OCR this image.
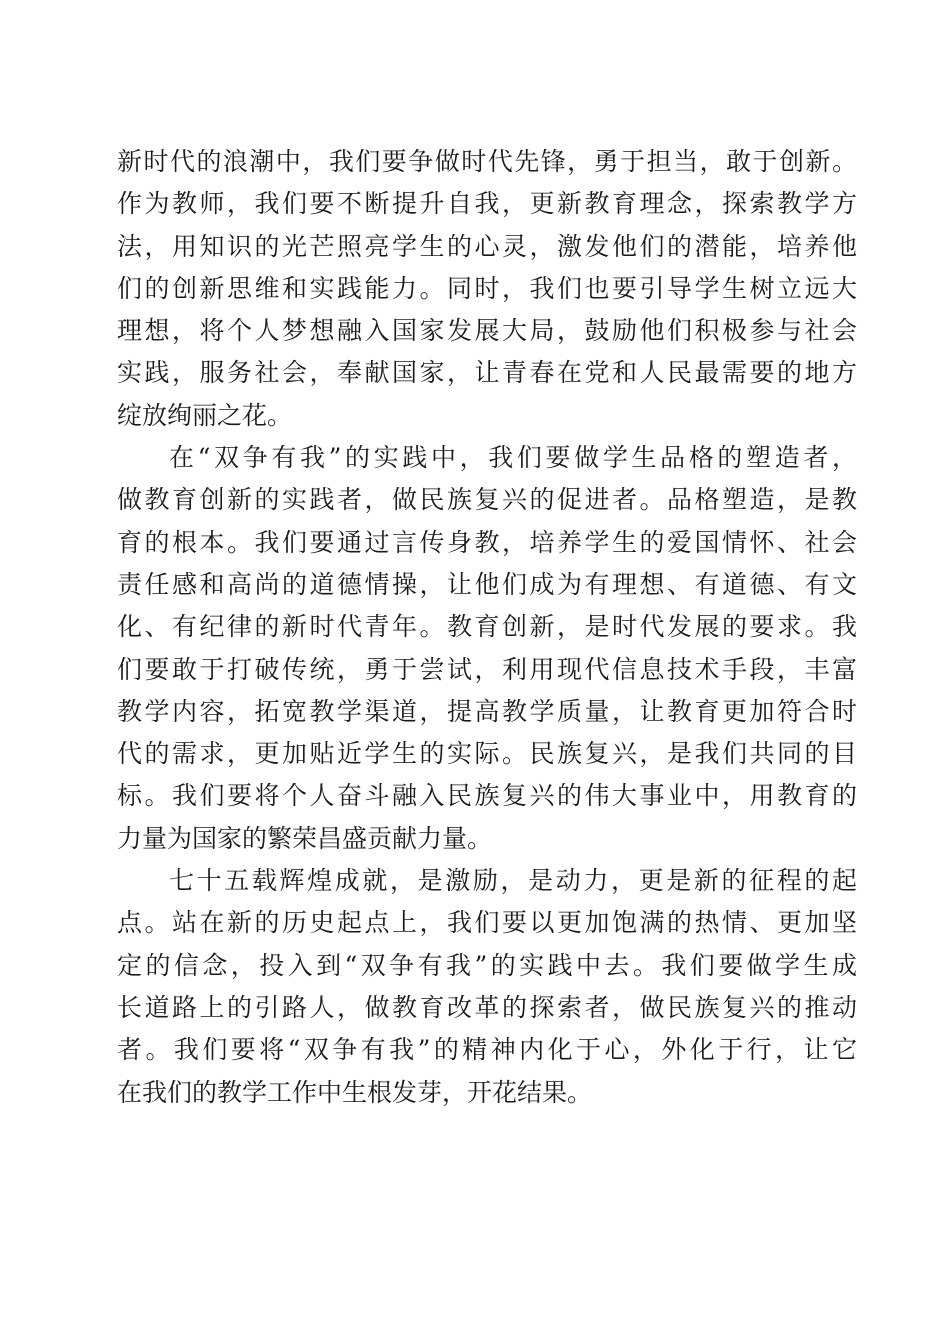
新时代的浪潮中，我们要争做时代先锋，勇于担当，敢于创新。
作为教师，我们要不断提升自我，更新教育理念，探索教学方
法，用知识的光芒照亮学生的心灵，激发他们的潜能，培养他
们的创新思维和实践能力。同时，我们也要引导学生树立远大
理想，将个人梦想融入国家发展大局，鼓励他们积极参与社会
实践，服务社会，奉献国家，让青春在党和人民最需要的地方
绽放绚丽之花。
在“双争有我”的实践中，我们要做学生品格的塑造者，
做教育创新的实践者，做民族复兴的促进者。品格塑造，是教
育的根本。我们要通过言传身教，培养学生的爱国情怀、社会
责任感和高尚的道德情操，让他们成为有理想、有道德、有文
化、有纪律的新时代青年。教育创新，是时代发展的要求。我
们要敢于打破传统，勇于尝试，利用现代信息技术手段，丰富
教学内容，拓宽教学渠道，提高教学质量，让教育更加符合时
代的需求，更加贴近学生的实际。民族复兴，是我们共同的目
标。我们要将个人奋斗融入民族复兴的伟大事业中，用教育的
力量为国家的繁荣昌盛贡献力量。
七十五载辉煌成就，是激励，是动力，更是新的征程的起
点。站在新的历史起点上，我们要以更加饱满的热情、更加坚
定的信念，投入到“双争有我”的实践中去。我们要做学生成
长道路上的引路人，做教育改革的探索者，做民族复兴的推动
者。我们要将“双争有我”的精神内化于心，外化于行，让它
在我们的教学工作中生根发芽，开花结果。
